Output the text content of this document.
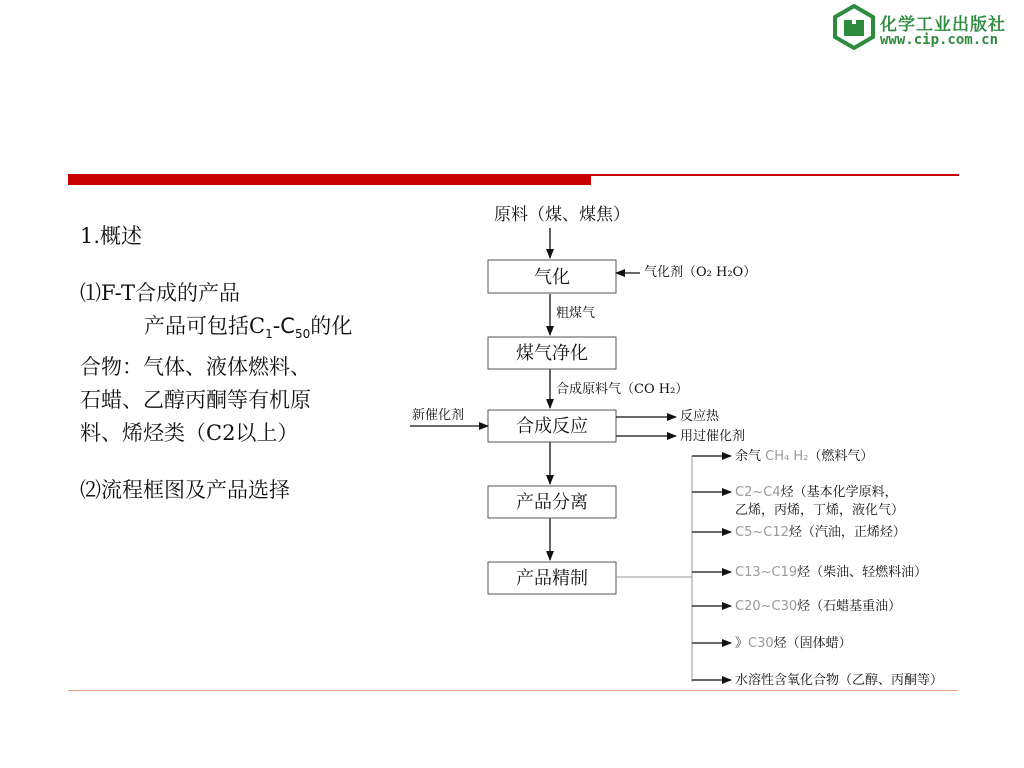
化学工业出版社
www.cip.com.cn

1.概述

⑴F-T合成的产品

产品可包括$C_1-C_{50}$的化

合物：气体、液体燃料、

石蜡、乙醇丙酮等有机原

料、烯烃类（C2以上）

⑵流程框图及产品选择

原料（煤、煤焦）
气化
煤气净化
合成反应
产品分离
产品精制
气化剂（O₂ H₂O）
粗煤气
合成原料气（CO H₂）
新催化剂	反应热
用过催化剂
余气 CH₄ H₂（燃料气）
C2~C4烃（基本化学原料，
乙烯，丙烯，丁烯，液化气）
C5~C12烃（汽油，正烯烃）
C13~C19烃（柴油、轻燃料油）
C20~C30烃（石蜡基重油）
》C30烃（固体蜡）
水溶性含氧化合物（乙醇、丙酮等）
